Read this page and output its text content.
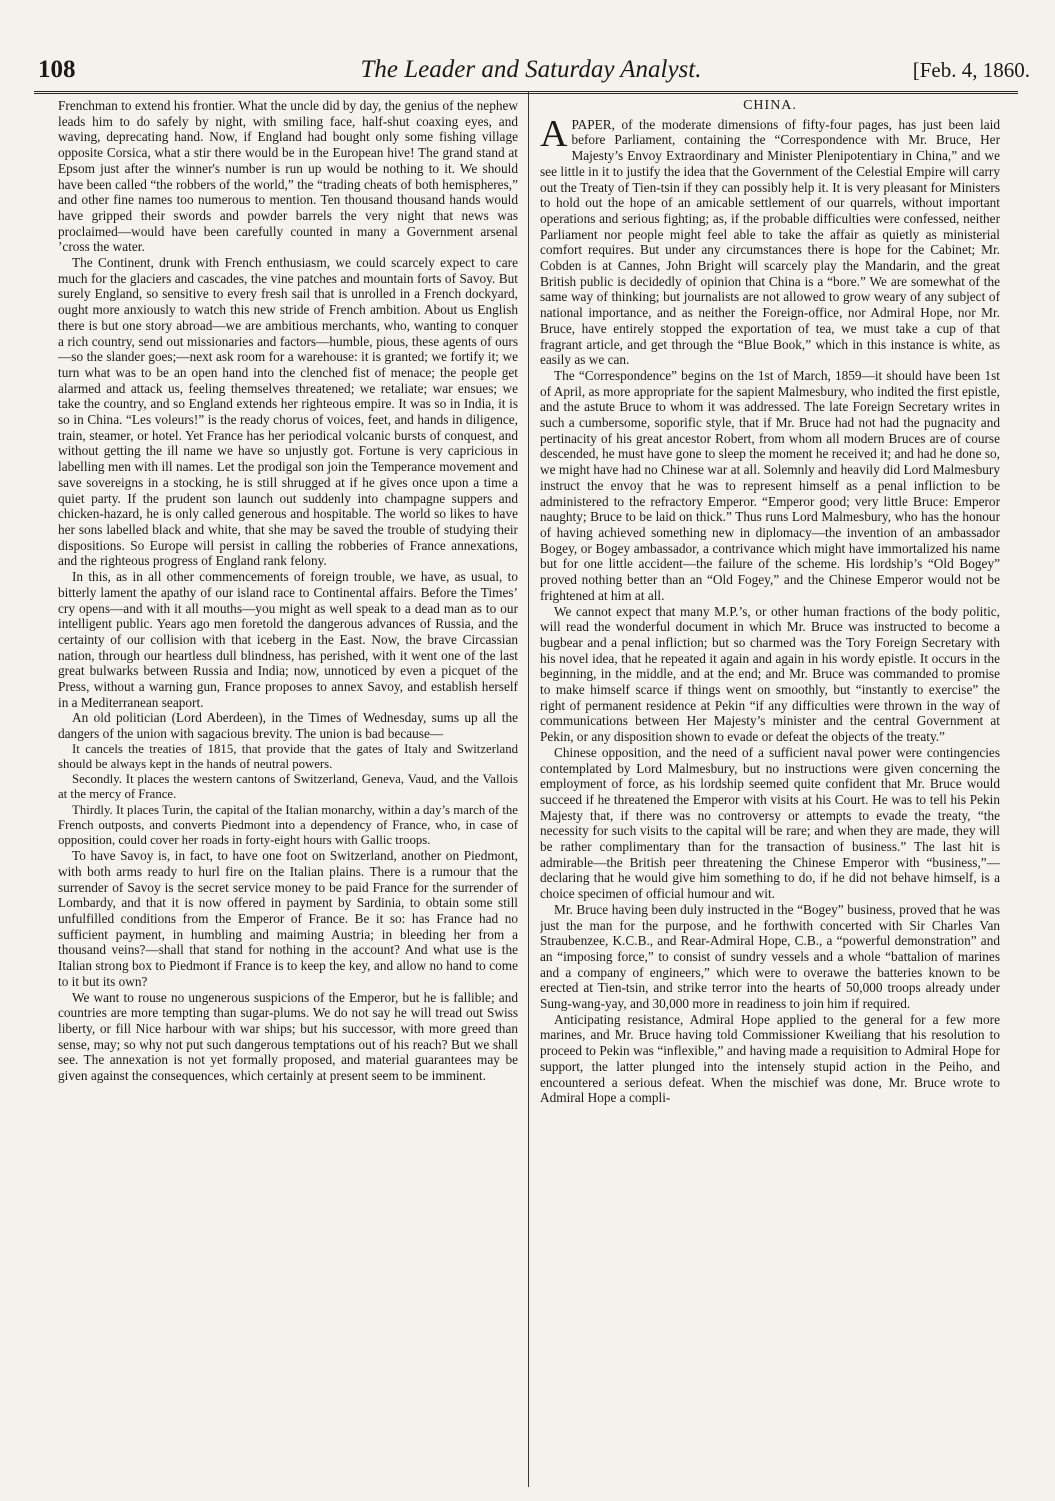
108	The Leader and Saturday Analyst.	[Feb. 4, 1860.

Frenchman to extend his frontier. What the uncle did by day, the genius of the nephew leads him to do safely by night, with smiling face, half-shut coaxing eyes, and waving, deprecating hand. Now, if England had bought only some fishing village opposite Corsica, what a stir there would be in the European hive! The grand stand at Epsom just after the winner's number is run up would be nothing to it. We should have been called “the robbers of the world,” the “trading cheats of both hemispheres,” and other fine names too numerous to mention. Ten thousand thousand hands would have gripped their swords and powder barrels the very night that news was proclaimed—would have been carefully counted in many a Government arsenal ’cross the water.

The Continent, drunk with French enthusiasm, we could scarcely expect to care much for the glaciers and cascades, the vine patches and mountain forts of Savoy. But surely England, so sensitive to every fresh sail that is unrolled in a French dockyard, ought more anxiously to watch this new stride of French ambition. About us English there is but one story abroad—we are ambitious merchants, who, wanting to conquer a rich country, send out missionaries and factors—humble, pious, these agents of ours—so the slander goes;—next ask room for a warehouse: it is granted; we fortify it; we turn what was to be an open hand into the clenched fist of menace; the people get alarmed and attack us, feeling themselves threatened; we retaliate; war ensues; we take the country, and so England extends her righteous empire. It was so in India, it is so in China. “Les voleurs!” is the ready chorus of voices, feet, and hands in diligence, train, steamer, or hotel. Yet France has her periodical volcanic bursts of conquest, and without getting the ill name we have so unjustly got. Fortune is very capricious in labelling men with ill names. Let the prodigal son join the Temperance movement and save sovereigns in a stocking, he is still shrugged at if he gives once upon a time a quiet party. If the prudent son launch out suddenly into champagne suppers and chicken-hazard, he is only called generous and hospitable. The world so likes to have her sons labelled black and white, that she may be saved the trouble of studying their dispositions. So Europe will persist in calling the robberies of France annexations, and the righteous progress of England rank felony.

In this, as in all other commencements of foreign trouble, we have, as usual, to bitterly lament the apathy of our island race to Continental affairs. Before the Times’ cry opens—and with it all mouths—you might as well speak to a dead man as to our intelligent public. Years ago men foretold the dangerous advances of Russia, and the certainty of our collision with that iceberg in the East. Now, the brave Circassian nation, through our heartless dull blindness, has perished, with it went one of the last great bulwarks between Russia and India; now, unnoticed by even a picquet of the Press, without a warning gun, France proposes to annex Savoy, and establish herself in a Mediterranean seaport.

An old politician (Lord Aberdeen), in the Times of Wednesday, sums up all the dangers of the union with sagacious brevity. The union is bad because—

It cancels the treaties of 1815, that provide that the gates of Italy and Switzerland should be always kept in the hands of neutral powers.

Secondly. It places the western cantons of Switzerland, Geneva, Vaud, and the Vallois at the mercy of France.

Thirdly. It places Turin, the capital of the Italian monarchy, within a day’s march of the French outposts, and converts Piedmont into a dependency of France, who, in case of opposition, could cover her roads in forty-eight hours with Gallic troops.

To have Savoy is, in fact, to have one foot on Switzerland, another on Piedmont, with both arms ready to hurl fire on the Italian plains. There is a rumour that the surrender of Savoy is the secret service money to be paid France for the surrender of Lombardy, and that it is now offered in payment by Sardinia, to obtain some still unfulfilled conditions from the Emperor of France. Be it so: has France had no sufficient payment, in humbling and maiming Austria; in bleeding her from a thousand veins?—shall that stand for nothing in the account? And what use is the Italian strong box to Piedmont if France is to keep the key, and allow no hand to come to it but its own?

We want to rouse no ungenerous suspicions of the Emperor, but he is fallible; and countries are more tempting than sugar-plums. We do not say he will tread out Swiss liberty, or fill Nice harbour with war ships; but his successor, with more greed than sense, may; so why not put such dangerous temptations out of his reach? But we shall see. The annexation is not yet formally proposed, and material guarantees may be given against the consequences, which certainly at present seem to be imminent.

CHINA.

APAPER, of the moderate dimensions of fifty-four pages, has just been laid before Parliament, containing the “Correspondence with Mr. Bruce, Her Majesty’s Envoy Extraordinary and Minister Plenipotentiary in China,” and we see little in it to justify the idea that the Government of the Celestial Empire will carry out the Treaty of Tien-tsin if they can possibly help it. It is very pleasant for Ministers to hold out the hope of an amicable settlement of our quarrels, without important operations and serious fighting; as, if the probable difficulties were confessed, neither Parliament nor people might feel able to take the affair as quietly as ministerial comfort requires. But under any circumstances there is hope for the Cabinet; Mr. Cobden is at Cannes, John Bright will scarcely play the Mandarin, and the great British public is decidedly of opinion that China is a “bore.” We are somewhat of the same way of thinking; but journalists are not allowed to grow weary of any subject of national importance, and as neither the Foreign-office, nor Admiral Hope, nor Mr. Bruce, have entirely stopped the exportation of tea, we must take a cup of that fragrant article, and get through the “Blue Book,” which in this instance is white, as easily as we can.

The “Correspondence” begins on the 1st of March, 1859—it should have been 1st of April, as more appropriate for the sapient Malmesbury, who indited the first epistle, and the astute Bruce to whom it was addressed. The late Foreign Secretary writes in such a cumbersome, soporific style, that if Mr. Bruce had not had the pugnacity and pertinacity of his great ancestor Robert, from whom all modern Bruces are of course descended, he must have gone to sleep the moment he received it; and had he done so, we might have had no Chinese war at all. Solemnly and heavily did Lord Malmesbury instruct the envoy that he was to represent himself as a penal infliction to be administered to the refractory Emperor. “Emperor good; very little Bruce: Emperor naughty; Bruce to be laid on thick.” Thus runs Lord Malmesbury, who has the honour of having achieved something new in diplomacy—the invention of an ambassador Bogey, or Bogey ambassador, a contrivance which might have immortalized his name but for one little accident—the failure of the scheme. His lordship’s “Old Bogey” proved nothing better than an “Old Fogey,” and the Chinese Emperor would not be frightened at him at all.

We cannot expect that many M.P.’s, or other human fractions of the body politic, will read the wonderful document in which Mr. Bruce was instructed to become a bugbear and a penal infliction; but so charmed was the Tory Foreign Secretary with his novel idea, that he repeated it again and again in his wordy epistle. It occurs in the beginning, in the middle, and at the end; and Mr. Bruce was commanded to promise to make himself scarce if things went on smoothly, but “instantly to exercise” the right of permanent residence at Pekin “if any difficulties were thrown in the way of communications between Her Majesty’s minister and the central Government at Pekin, or any disposition shown to evade or defeat the objects of the treaty.”

Chinese opposition, and the need of a sufficient naval power were contingencies contemplated by Lord Malmesbury, but no instructions were given concerning the employment of force, as his lordship seemed quite confident that Mr. Bruce would succeed if he threatened the Emperor with visits at his Court. He was to tell his Pekin Majesty that, if there was no controversy or attempts to evade the treaty, “the necessity for such visits to the capital will be rare; and when they are made, they will be rather complimentary than for the transaction of business.” The last hit is admirable—the British peer threatening the Chinese Emperor with “business,”—declaring that he would give him something to do, if he did not behave himself, is a choice specimen of official humour and wit.

Mr. Bruce having been duly instructed in the “Bogey” business, proved that he was just the man for the purpose, and he forthwith concerted with Sir Charles Van Straubenzee, K.C.B., and Rear-Admiral Hope, C.B., a “powerful demonstration” and an “imposing force,” to consist of sundry vessels and a whole “battalion of marines and a company of engineers,” which were to overawe the batteries known to be erected at Tien-tsin, and strike terror into the hearts of 50,000 troops already under Sung-wang-yay, and 30,000 more in readiness to join him if required.

Anticipating resistance, Admiral Hope applied to the general for a few more marines, and Mr. Bruce having told Commissioner Kweiliang that his resolution to proceed to Pekin was “inflexible,” and having made a requisition to Admiral Hope for support, the latter plunged into the intensely stupid action in the Peiho, and encountered a serious defeat. When the mischief was done, Mr. Bruce wrote to Admiral Hope a compli-
